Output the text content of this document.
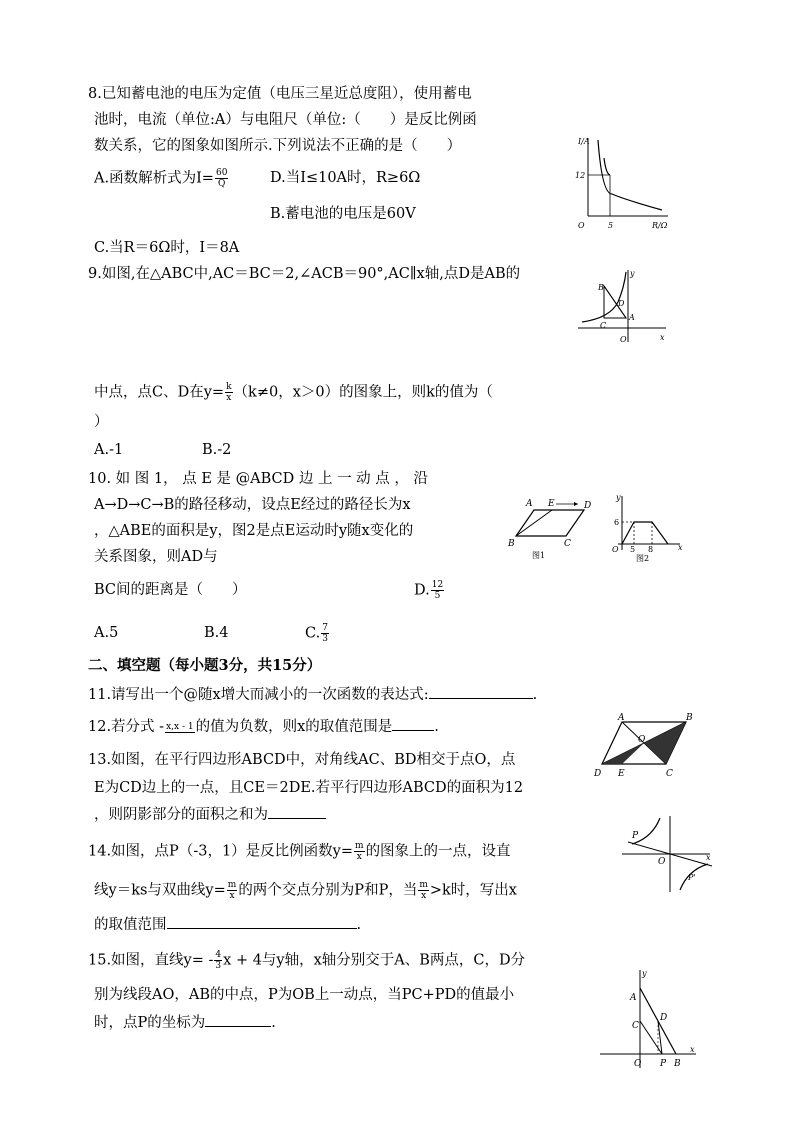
8.已知蓄电池的电压为定值（电压三星近总度阻），使用蓄电
池时，电流（单位:A）与电阻尺（单位:（　　）是反比例函
数关系，它的图象如图所示.下列说法不正确的是（　　）
A.函数解析式为$I= \frac{60}{Q}$	D.当I≤10A时，R≥6Ω
B.蓄电池的电压是60V
C.当R＝6Ω时，I＝8A
I/A
R/Ω
O
12
5
9.如图,在△ABC中,AC＝BC＝2,∠ACB＝90°,AC∥x轴,点D是AB的
中点，点C、D在$y= \frac{k}{x} (k\ne 0$，x＞0）的图象上，则k的值为（
）
A.-1	B.-2
y
x
O
A
B
C
D
10. 如 图 1， 点 E 是 @ABCD 边 上 一 动 点 ， 沿
A→D→C→B的路径移动，设点E经过的路径长为x
，△ABE的面积是y，图2是点E运动时y随x变化的
关系图象，则AD与
BC间的距离是（　　）	D. $\frac{12}{5}$
A.5	B.4	C. $\frac{7}{3}$
A E	D
B	C
图1
y
x
O
6
5 8
图2
二、填空题（每小题3分，共15分）
11.请写出一个@随x增大而减小的一次函数的表达式:	.
12.若分式 - x,x - 1 的值为负数，则x的取值范围是	.
13.如图，在平行四边形ABCD中，对角线AC、BD相交于点O，点
E为CD边上的一点，且CE＝2DE.若平行四边形ABCD的面积为12
，则阴影部分的面积之和为
A	B
O
D E	C
14.如图，点P（-3，1）是反比例函数$y= \frac{m}{x}$ 的图象上的一点，设直
线y＝ks与双曲线$y= \frac{m}{x}$ 的两个交点分别为P和P，当 $\frac{m}{x} >k$时，写出x
的取值范围	.
P
O	x
P'
15.如图，直线$y= - \frac{4}{3}$ x + 4与y轴，x轴分别交于A、B两点，C，D分
别为线段AO，AB的中点，P为OB上一动点，当PC+PD的值最小
时，点P的坐标为	.
y
x
A
C
D
O P B
